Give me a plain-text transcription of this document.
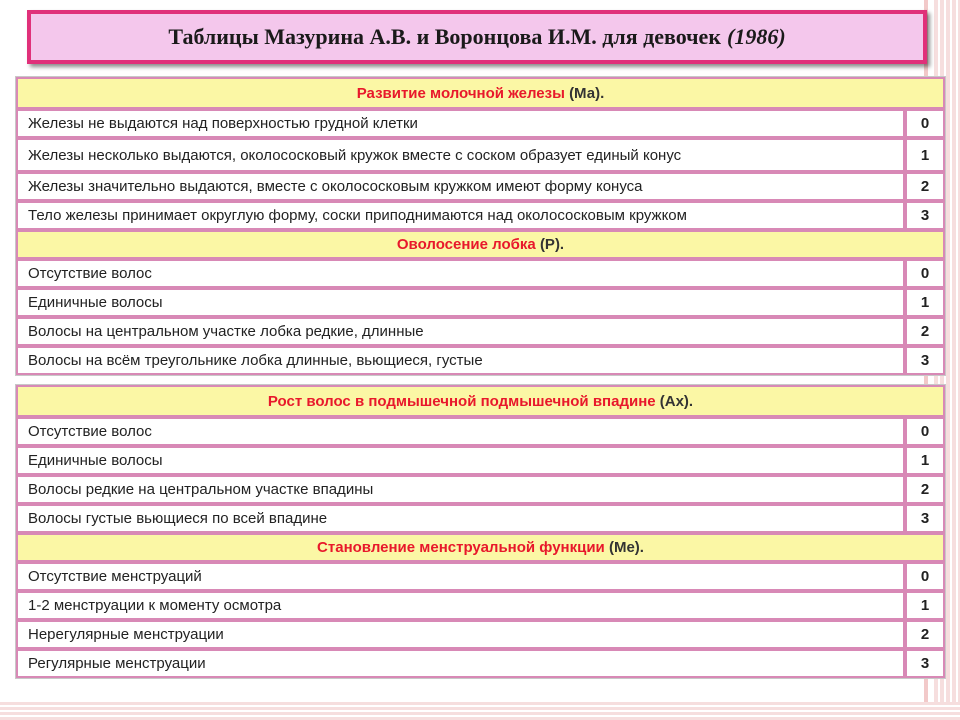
Таблицы Мазурина А.В. и Воронцова И.М. для девочек (1986)
Развитие молочной железы (Ма).	
Железы не выдаются над поверхностью грудной клетки	0
Железы несколько выдаются, околососковый кружок вместе с соском образует единый конус	1
Железы значительно выдаются, вместе с околососковым кружком имеют форму конуса	2
Тело железы принимает округлую форму, соски приподнимаются над околососковым кружком	3
Оволосение лобка (Р).	
Отсутствие волос	0
Единичные волосы	1
Волосы на центральном участке лобка редкие, длинные	2
Волосы на всём треугольнике лобка длинные, вьющиеся, густые	3
Рост волос в подмышечной подмышечной впадине (Ах).	
Отсутствие волос	0
Единичные волосы	1
Волосы редкие на центральном участке впадины	2
Волосы густые вьющиеся по всей впадине	3
Становление менструальной функции (Ме).	
Отсутствие менструаций	0
1-2 менструации к моменту осмотра	1
Нерегулярные менструации	2
Регулярные менструации	3
